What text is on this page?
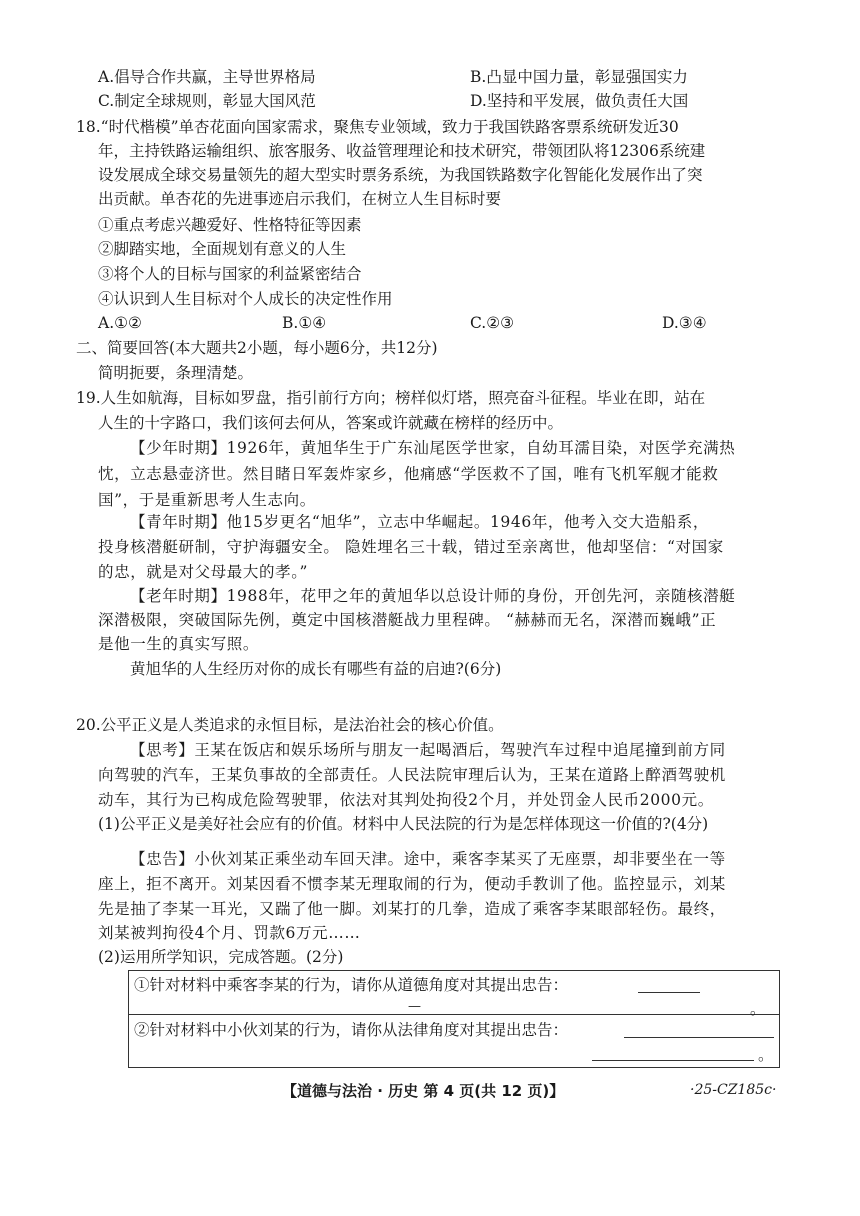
A.倡导合作共赢，主导世界格局	B.凸显中国力量，彰显强国实力
C.制定全球规则，彰显大国风范	D.坚持和平发展，做负责任大国
18.“时代楷模”单杏花面向国家需求，聚焦专业领域，致力于我国铁路客票系统研发近30
年，主持铁路运输组织、旅客服务、收益管理理论和技术研究，带领团队将12306系统建
设发展成全球交易量领先的超大型实时票务系统，为我国铁路数字化智能化发展作出了突
出贡献。单杏花的先进事迹启示我们，在树立人生目标时要
①重点考虑兴趣爱好、性格特征等因素
②脚踏实地，全面规划有意义的人生
③将个人的目标与国家的利益紧密结合
④认识到人生目标对个人成长的决定性作用
A.①②	B.①④	C.②③	D.③④
二、简要回答(本大题共2小题，每小题6分，共12分)
简明扼要，条理清楚。
19.人生如航海，目标如罗盘，指引前行方向；榜样似灯塔，照亮奋斗征程。毕业在即，站在
人生的十字路口，我们该何去何从，答案或许就藏在榜样的经历中。
【少年时期】1926年，黄旭华生于广东汕尾医学世家，自幼耳濡目染，对医学充满热
忱，立志悬壶济世。然目睹日军轰炸家乡，他痛感“学医救不了国，唯有飞机军舰才能救
国”，于是重新思考人生志向。
【青年时期】他15岁更名“旭华”，立志中华崛起。1946年，他考入交大造船系，
投身核潜艇研制，守护海疆安全。 隐姓埋名三十载，错过至亲离世，他却坚信：“对国家
的忠，就是对父母最大的孝。”
【老年时期】1988年，花甲之年的黄旭华以总设计师的身份，开创先河，亲随核潜艇
深潜极限，突破国际先例，奠定中国核潜艇战力里程碑。 “赫赫而无名，深潜而巍峨”正
是他一生的真实写照。
黄旭华的人生经历对你的成长有哪些有益的启迪?(6分)
20.公平正义是人类追求的永恒目标，是法治社会的核心价值。
【思考】王某在饭店和娱乐场所与朋友一起喝酒后，驾驶汽车过程中追尾撞到前方同
向驾驶的汽车，王某负事故的全部责任。人民法院审理后认为，王某在道路上醉酒驾驶机
动车，其行为已构成危险驾驶罪，依法对其判处拘役2个月，并处罚金人民币2000元。
(1)公平正义是美好社会应有的价值。材料中人民法院的行为是怎样体现这一价值的?(4分)
【忠告】小伙刘某正乘坐动车回天津。途中，乘客李某买了无座票，却非要坐在一等
座上，拒不离开。刘某因看不惯李某无理取闹的行为，便动手教训了他。监控显示，刘某
先是抽了李某一耳光，又踹了他一脚。刘某打的几拳，造成了乘客李某眼部轻伤。最终，
刘某被判拘役4个月、罚款6万元……
(2)运用所学知识，完成答题。(2分)
①针对材料中乘客李某的行为，请你从道德角度对其提出忠告：
—	。
②针对材料中小伙刘某的行为，请你从法律角度对其提出忠告：
。
【道德与法治 · 历史 第 4 页(共 12 页)】	·25-CZ185c·
